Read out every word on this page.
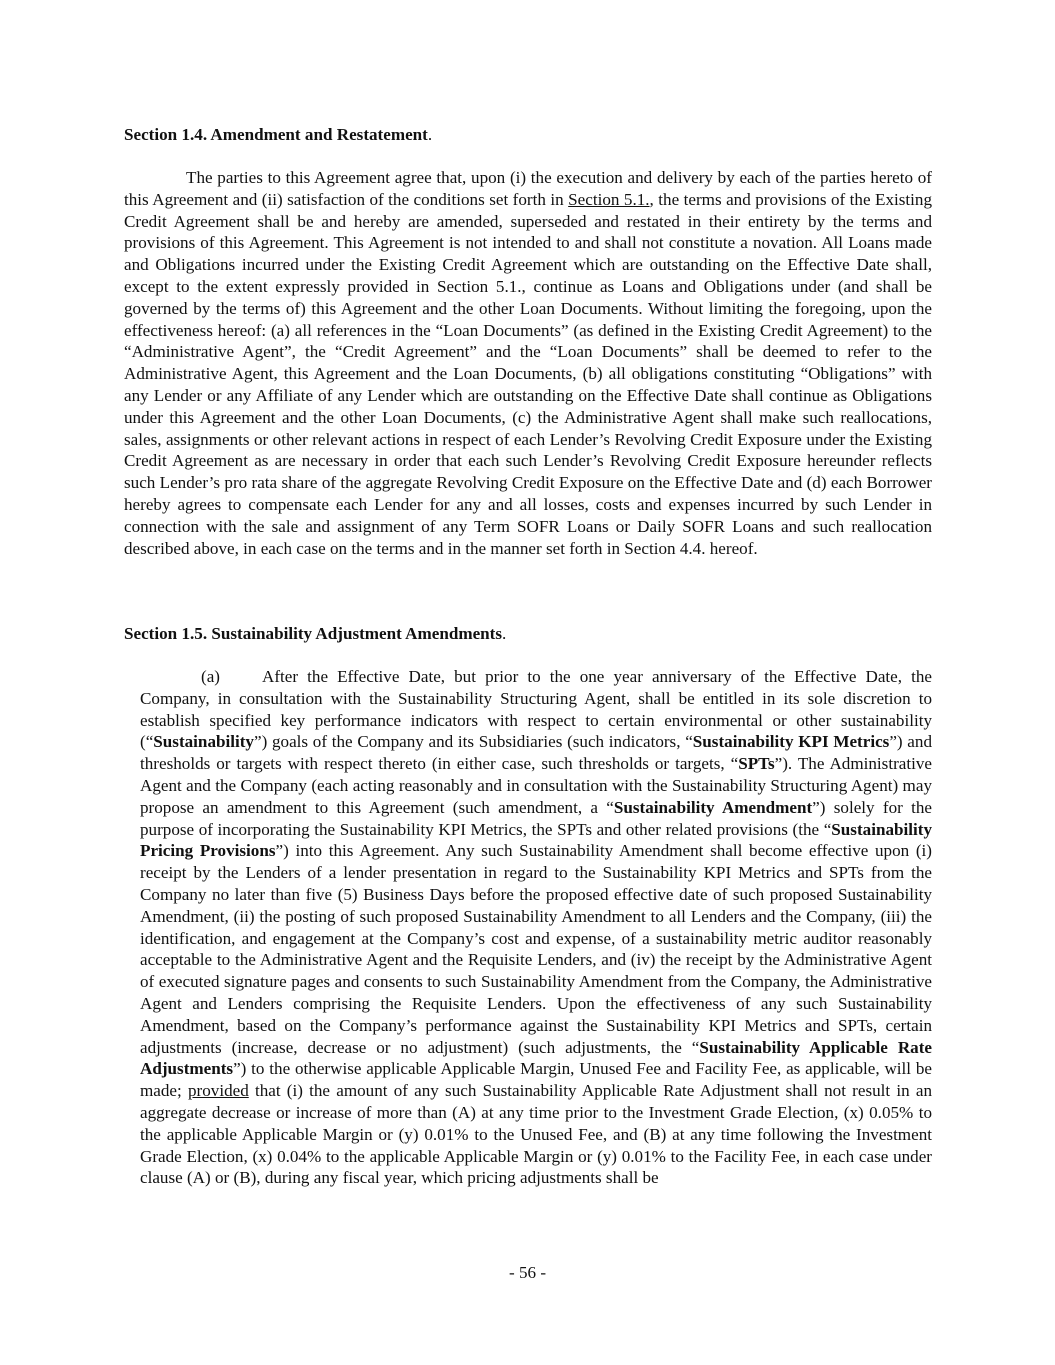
Section 1.4. Amendment and Restatement.

The parties to this Agreement agree that, upon (i) the execution and delivery by each of the parties hereto of this Agreement and (ii) satisfaction of the conditions set forth in Section 5.1., the terms and provisions of the Existing Credit Agreement shall be and hereby are amended, superseded and restated in their entirety by the terms and provisions of this Agreement. This Agreement is not intended to and shall not constitute a novation. All Loans made and Obligations incurred under the Existing Credit Agreement which are outstanding on the Effective Date shall, except to the extent expressly provided in Section 5.1., continue as Loans and Obligations under (and shall be governed by the terms of) this Agreement and the other Loan Documents. Without limiting the foregoing, upon the effectiveness hereof: (a) all references in the “Loan Documents” (as defined in the Existing Credit Agreement) to the “Administrative Agent”, the “Credit Agreement” and the “Loan Documents” shall be deemed to refer to the Administrative Agent, this Agreement and the Loan Documents, (b) all obligations constituting “Obligations” with any Lender or any Affiliate of any Lender which are outstanding on the Effective Date shall continue as Obligations under this Agreement and the other Loan Documents, (c) the Administrative Agent shall make such reallocations, sales, assignments or other relevant actions in respect of each Lender’s Revolving Credit Exposure under the Existing Credit Agreement as are necessary in order that each such Lender’s Revolving Credit Exposure hereunder reflects such Lender’s pro rata share of the aggregate Revolving Credit Exposure on the Effective Date and (d) each Borrower hereby agrees to compensate each Lender for any and all losses, costs and expenses incurred by such Lender in connection with the sale and assignment of any Term SOFR Loans or Daily SOFR Loans and such reallocation described above, in each case on the terms and in the manner set forth in Section 4.4. hereof.

Section 1.5. Sustainability Adjustment Amendments.

(a) After the Effective Date, but prior to the one year anniversary of the Effective Date, the Company, in consultation with the Sustainability Structuring Agent, shall be entitled in its sole discretion to establish specified key performance indicators with respect to certain environmental or other sustainability (“Sustainability”) goals of the Company and its Subsidiaries (such indicators, “Sustainability KPI Metrics”) and thresholds or targets with respect thereto (in either case, such thresholds or targets, “SPTs”). The Administrative Agent and the Company (each acting reasonably and in consultation with the Sustainability Structuring Agent) may propose an amendment to this Agreement (such amendment, a “Sustainability Amendment”) solely for the purpose of incorporating the Sustainability KPI Metrics, the SPTs and other related provisions (the “Sustainability Pricing Provisions”) into this Agreement. Any such Sustainability Amendment shall become effective upon (i) receipt by the Lenders of a lender presentation in regard to the Sustainability KPI Metrics and SPTs from the Company no later than five (5) Business Days before the proposed effective date of such proposed Sustainability Amendment, (ii) the posting of such proposed Sustainability Amendment to all Lenders and the Company, (iii) the identification, and engagement at the Company’s cost and expense, of a sustainability metric auditor reasonably acceptable to the Administrative Agent and the Requisite Lenders, and (iv) the receipt by the Administrative Agent of executed signature pages and consents to such Sustainability Amendment from the Company, the Administrative Agent and Lenders comprising the Requisite Lenders. Upon the effectiveness of any such Sustainability Amendment, based on the Company’s performance against the Sustainability KPI Metrics and SPTs, certain adjustments (increase, decrease or no adjustment) (such adjustments, the “Sustainability Applicable Rate Adjustments”) to the otherwise applicable Applicable Margin, Unused Fee and Facility Fee, as applicable, will be made; provided that (i) the amount of any such Sustainability Applicable Rate Adjustment shall not result in an aggregate decrease or increase of more than (A) at any time prior to the Investment Grade Election, (x) 0.05% to the applicable Applicable Margin or (y) 0.01% to the Unused Fee, and (B) at any time following the Investment Grade Election, (x) 0.04% to the applicable Applicable Margin or (y) 0.01% to the Facility Fee, in each case under clause (A) or (B), during any fiscal year, which pricing adjustments shall be

- 56 -
